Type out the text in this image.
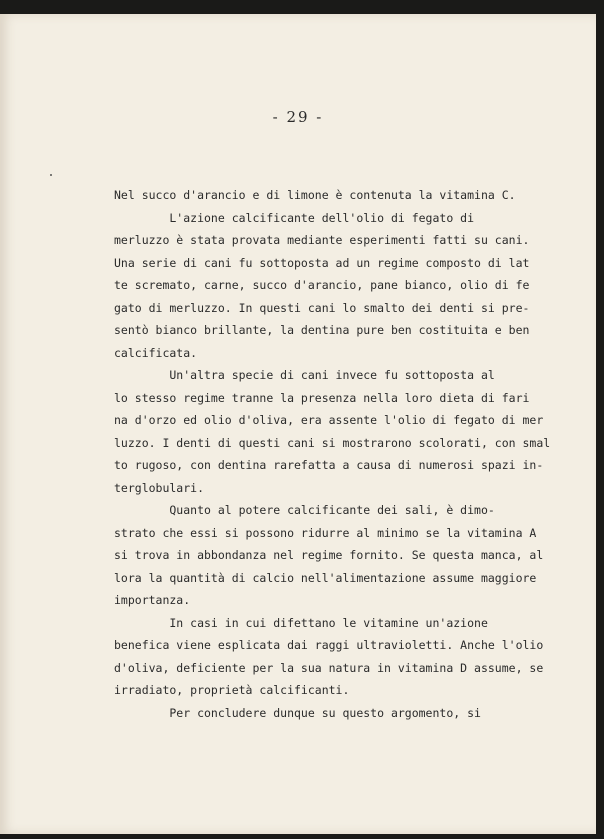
- 29 -
Nel succo d'arancio e di limone è contenuta la vitamina C.
L'azione calcificante dell'olio di fegato di
merluzzo è stata provata mediante esperimenti fatti su cani.
Una serie di cani fu sottoposta ad un regime composto di lat
te scremato, carne, succo d'arancio, pane bianco, olio di fe
gato di merluzzo. In questi cani lo smalto dei denti si pre-
sentò bianco brillante, la dentina pure ben costituita e ben
calcificata.
Un'altra specie di cani invece fu sottoposta al
lo stesso regime tranne la presenza nella loro dieta di fari
na d'orzo ed olio d'oliva, era assente l'olio di fegato di mer
luzzo. I denti di questi cani si mostrarono scolorati, con smal
to rugoso, con dentina rarefatta a causa di numerosi spazi in-
terglobulari.
Quanto al potere calcificante dei sali, è dimo-
strato che essi si possono ridurre al minimo se la vitamina A
si trova in abbondanza nel regime fornito. Se questa manca, al
lora la quantità di calcio nell'alimentazione assume maggiore
importanza.
In casi in cui difettano le vitamine un'azione
benefica viene esplicata dai raggi ultravioletti. Anche l'olio
d'oliva, deficiente per la sua natura in vitamina D assume, se
irradiato, proprietà calcificanti.
Per concludere dunque su questo argomento, si
